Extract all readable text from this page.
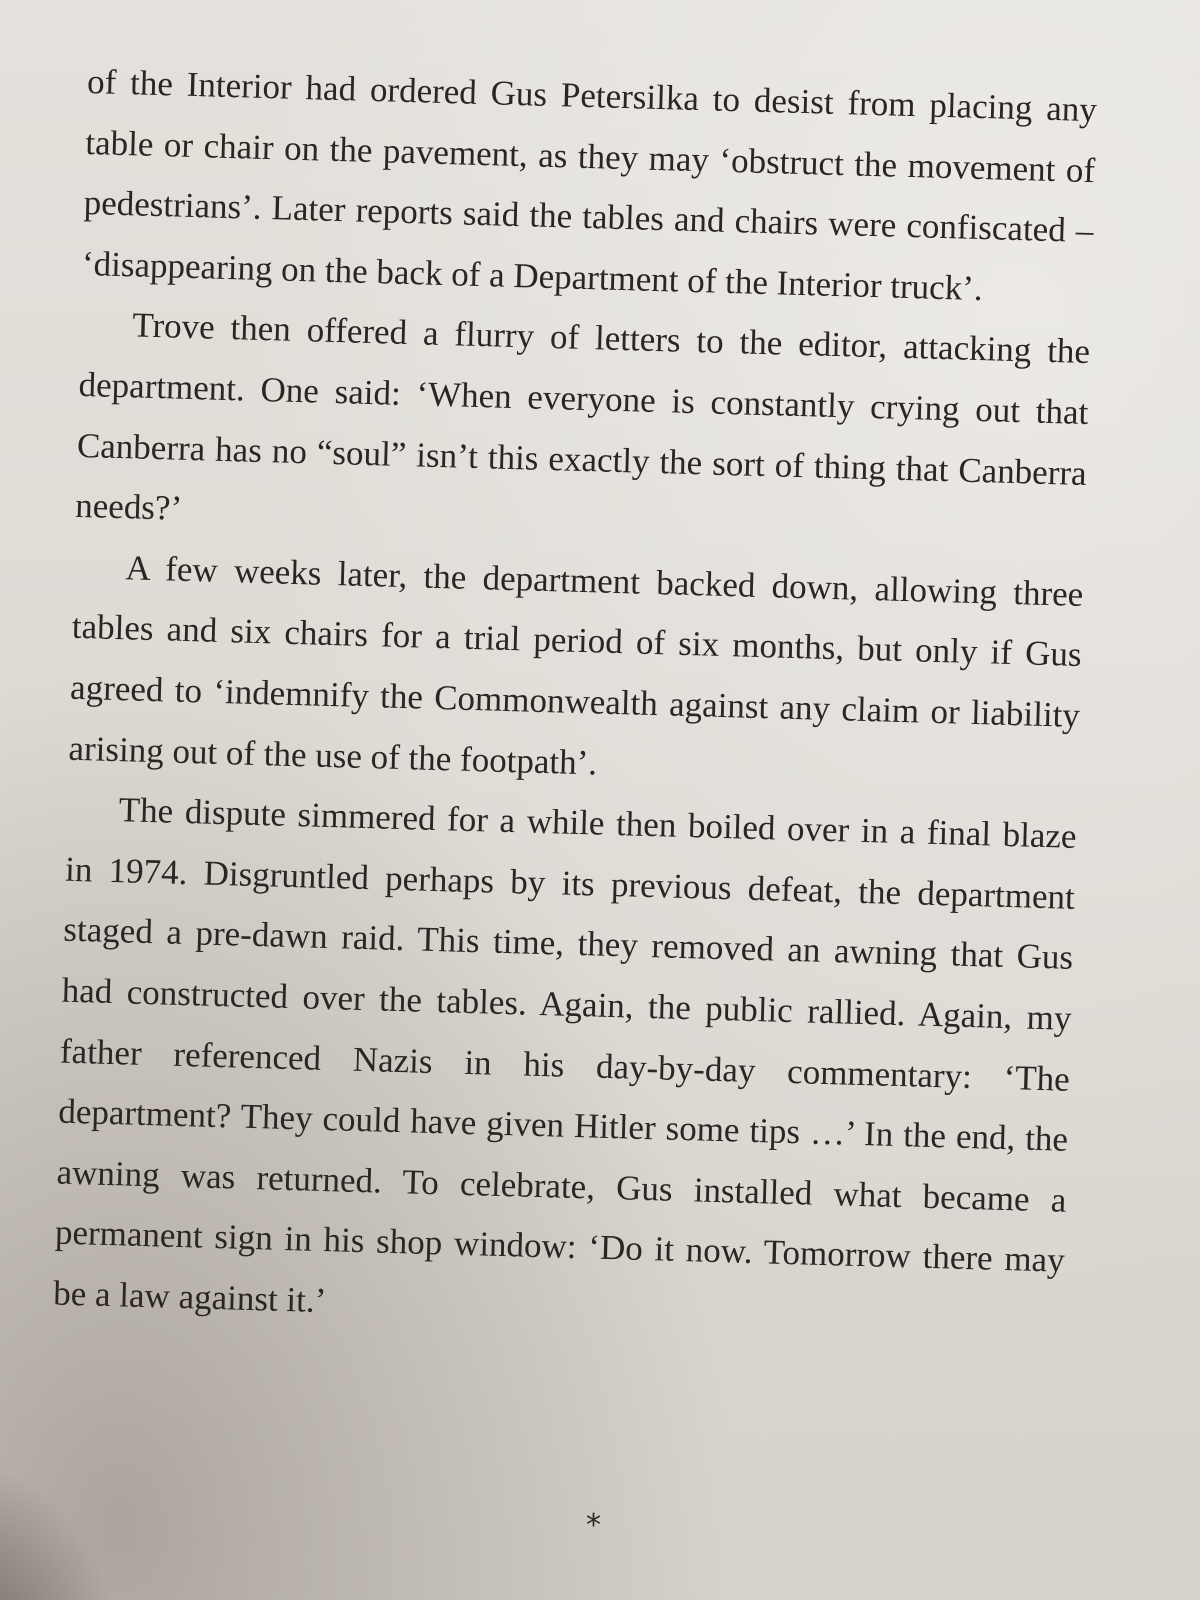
of the Interior had ordered Gus Petersilka to desist from placing any table or chair on the pavement, as they may ‘obstruct the movement of pedestrians’. Later reports said the tables and chairs were confiscated – ‘disappearing on the back of a Department of the Interior truck’.

Trove then offered a flurry of letters to the editor, attacking the department. One said: ‘When everyone is constantly crying out that Canberra has no “soul” isn’t this exactly the sort of thing that Canberra needs?’

A few weeks later, the department backed down, allowing three tables and six chairs for a trial period of six months, but only if Gus agreed to ‘indemnify the Commonwealth against any claim or liability arising out of the use of the footpath’.

The dispute simmered for a while then boiled over in a final blaze in 1974. Disgruntled perhaps by its previous defeat, the department staged a pre-dawn raid. This time, they removed an awning that Gus had constructed over the tables. Again, the public rallied. Again, my father referenced Nazis in his day-by-day commentary: ‘The department? They could have given Hitler some tips …’ In the end, the awning was returned. To celebrate, Gus installed what became a permanent sign in his shop window: ‘Do it now. Tomorrow there may be a law against it.’

*
